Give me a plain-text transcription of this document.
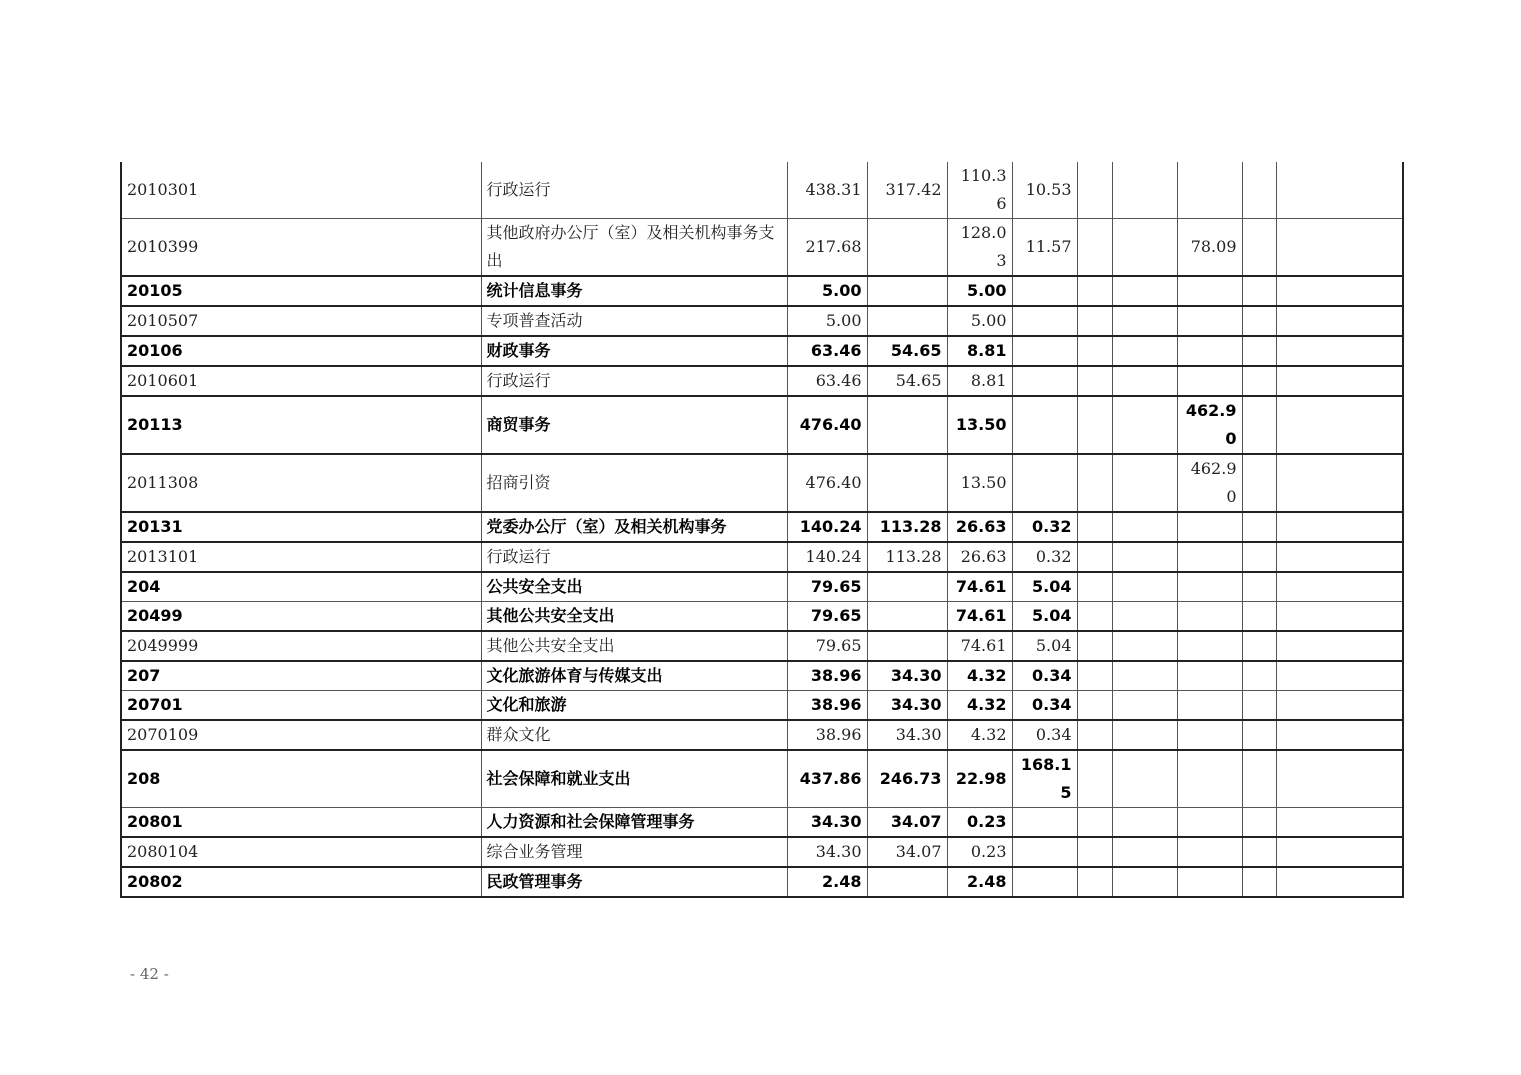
2010301	行政运行	438.31	317.42	110.36	10.53					
2010399	其他政府办公厅（室）及相关机构事务支出	217.68		128.03	11.57			78.09		
20105	统计信息事务	5.00		5.00						
2010507	专项普查活动	5.00		5.00						
20106	财政事务	63.46	54.65	8.81						
2010601	行政运行	63.46	54.65	8.81						
20113	商贸事务	476.40		13.50				462.90		
2011308	招商引资	476.40		13.50				462.90		
20131	党委办公厅（室）及相关机构事务	140.24	113.28	26.63	0.32					
2013101	行政运行	140.24	113.28	26.63	0.32					
204	公共安全支出	79.65		74.61	5.04					
20499	其他公共安全支出	79.65		74.61	5.04					
2049999	其他公共安全支出	79.65		74.61	5.04					
207	文化旅游体育与传媒支出	38.96	34.30	4.32	0.34					
20701	文化和旅游	38.96	34.30	4.32	0.34					
2070109	群众文化	38.96	34.30	4.32	0.34					
208	社会保障和就业支出	437.86	246.73	22.98	168.15					
20801	人力资源和社会保障管理事务	34.30	34.07	0.23						
2080104	综合业务管理	34.30	34.07	0.23						
20802	民政管理事务	2.48		2.48						
- 42 -
